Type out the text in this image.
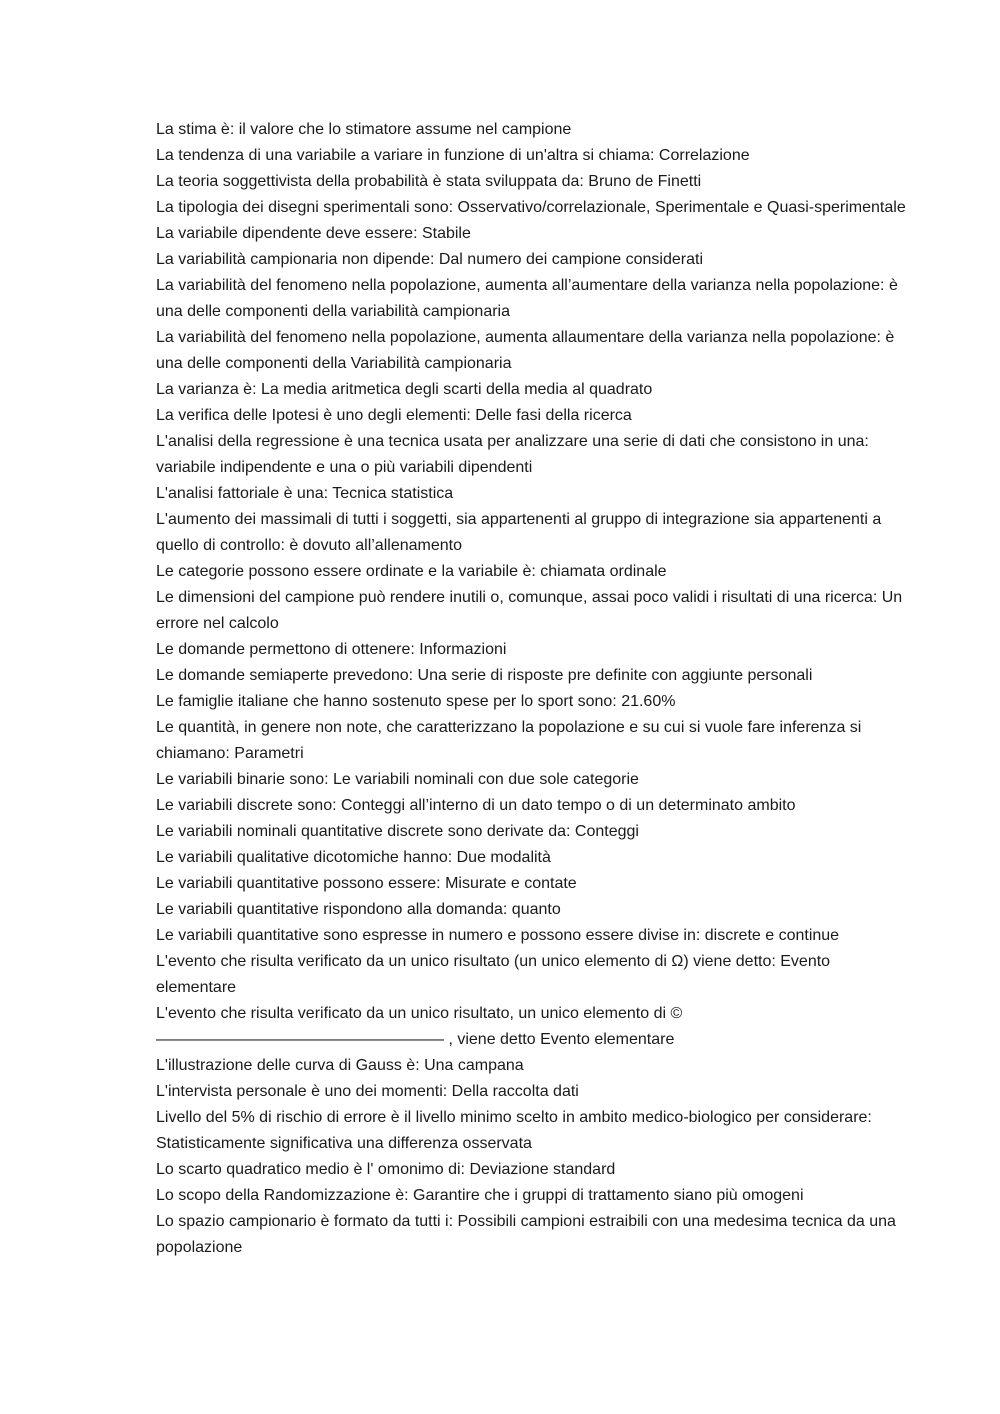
La stima è: il valore che lo stimatore assume nel campione
La tendenza di una variabile a variare in funzione di un'altra si chiama: Correlazione
La teoria soggettivista della probabilità è stata sviluppata da: Bruno de Finetti
La tipologia dei disegni sperimentali sono: Osservativo/correlazionale, Sperimentale e Quasi-sperimentale
La variabile dipendente deve essere: Stabile
La variabilità campionaria non dipende: Dal numero dei campione considerati
La variabilità del fenomeno nella popolazione, aumenta all’aumentare della varianza nella popolazione: è una delle componenti della variabilità campionaria
La variabilità del fenomeno nella popolazione, aumenta allaumentare della varianza nella popolazione: è una delle componenti della Variabilità campionaria
La varianza è: La media aritmetica degli scarti della media al quadrato
La verifica delle Ipotesi è uno degli elementi: Delle fasi della ricerca
L'analisi della regressione è una tecnica usata per analizzare una serie di dati che consistono in una: variabile indipendente e una o più variabili dipendenti
L'analisi fattoriale è una: Tecnica statistica
L'aumento dei massimali di tutti i soggetti, sia appartenenti al gruppo di integrazione sia appartenenti a quello di controllo: è dovuto all’allenamento
Le categorie possono essere ordinate e la variabile è: chiamata ordinale
Le dimensioni del campione può rendere inutili o, comunque, assai poco validi i risultati di una ricerca: Un errore nel calcolo
Le domande permettono di ottenere: Informazioni
Le domande semiaperte prevedono: Una serie di risposte pre definite con aggiunte personali
Le famiglie italiane che hanno sostenuto spese per lo sport sono: 21.60%
Le quantità, in genere non note, che caratterizzano la popolazione e su cui si vuole fare inferenza si chiamano: Parametri
Le variabili binarie sono: Le variabili nominali con due sole categorie
Le variabili discrete sono: Conteggi all’interno di un dato tempo o di un determinato ambito
Le variabili nominali quantitative discrete sono derivate da: Conteggi
Le variabili qualitative dicotomiche hanno: Due modalità
Le variabili quantitative possono essere: Misurate e contate
Le variabili quantitative rispondono alla domanda: quanto
Le variabili quantitative sono espresse in numero e possono essere divise in: discrete e continue
L'evento che risulta verificato da un unico risultato (un unico elemento di Ω) viene detto: Evento elementare
L'evento che risulta verificato da un unico risultato, un unico elemento di ©—————————————————— , viene detto Evento elementare
L'illustrazione delle curva di Gauss è: Una campana
L'intervista personale è uno dei momenti: Della raccolta dati
Livello del 5% di rischio di errore è il livello minimo scelto in ambito medico-biologico per considerare: Statisticamente significativa una differenza osservata
Lo scarto quadratico medio è l' omonimo di: Deviazione standard
Lo scopo della Randomizzazione è: Garantire che i gruppi di trattamento siano più omogeni
Lo spazio campionario è formato da tutti i: Possibili campioni estraibili con una medesima tecnica da una popolazione
